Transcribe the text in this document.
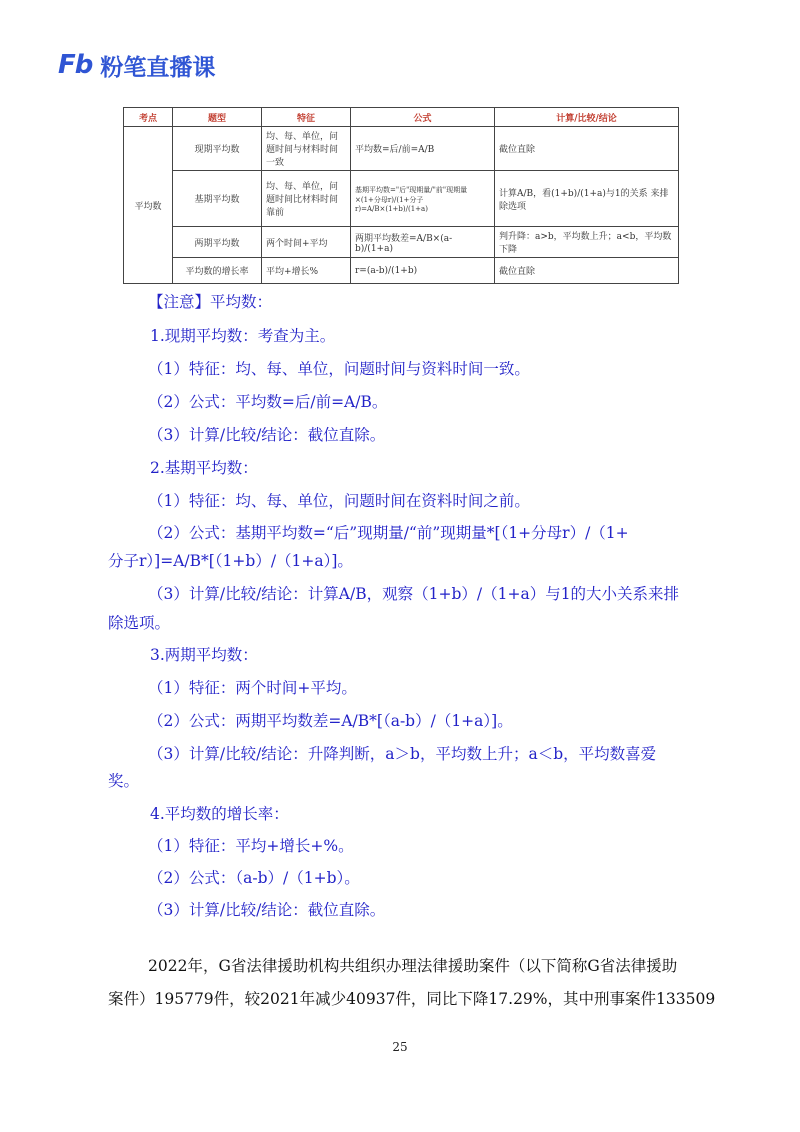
Fb 粉笔直播课
考点	题型	特征	公式	计算/比较/结论
平均数	现期平均数	均、每、单位，问题时间与材料时间一致	平均数=后/前=A/B	截位直除
	基期平均数	均、每、单位，问题时间比材料时间靠前	基期平均数="后"现期量/"前"现期量×(1+分母r)/(1+分子r)=A/B×(1+b)/(1+a)	计算A/B，看(1+b)/(1+a)与1的关系 来排除选项
	两期平均数	两个时间+平均	两期平均数差=A/B×(a-b)/(1+a)	判升降：a>b，平均数上升；a<b，平均数下降
	平均数的增长率	平均+增长%	r=(a-b)/(1+b)	截位直除
【注意】平均数：
1.现期平均数：考查为主。
（1）特征：均、每、单位，问题时间与资料时间一致。
（2）公式：平均数=后/前=A/B。
（3）计算/比较/结论：截位直除。
2.基期平均数：
（1）特征：均、每、单位，问题时间在资料时间之前。
（2）公式：基期平均数=“后”现期量/“前”现期量*[（1+分母r）/（1+
分子r）]=A/B*[（1+b）/（1+a）]。
（3）计算/比较/结论：计算A/B，观察（1+b）/（1+a）与1的大小关系来排
除选项。
3.两期平均数：
（1）特征：两个时间+平均。
（2）公式：两期平均数差=A/B*[（a-b）/（1+a）]。
（3）计算/比较/结论：升降判断，a＞b，平均数上升；a＜b，平均数喜爱
奖。
4.平均数的增长率：
（1）特征：平均+增长+%。
（2）公式：（a-b）/（1+b）。
（3）计算/比较/结论：截位直除。
2022年，G省法律援助机构共组织办理法律援助案件（以下简称G省法律援助
案件）195779件，较2021年减少40937件，同比下降17.29%，其中刑事案件133509
25
